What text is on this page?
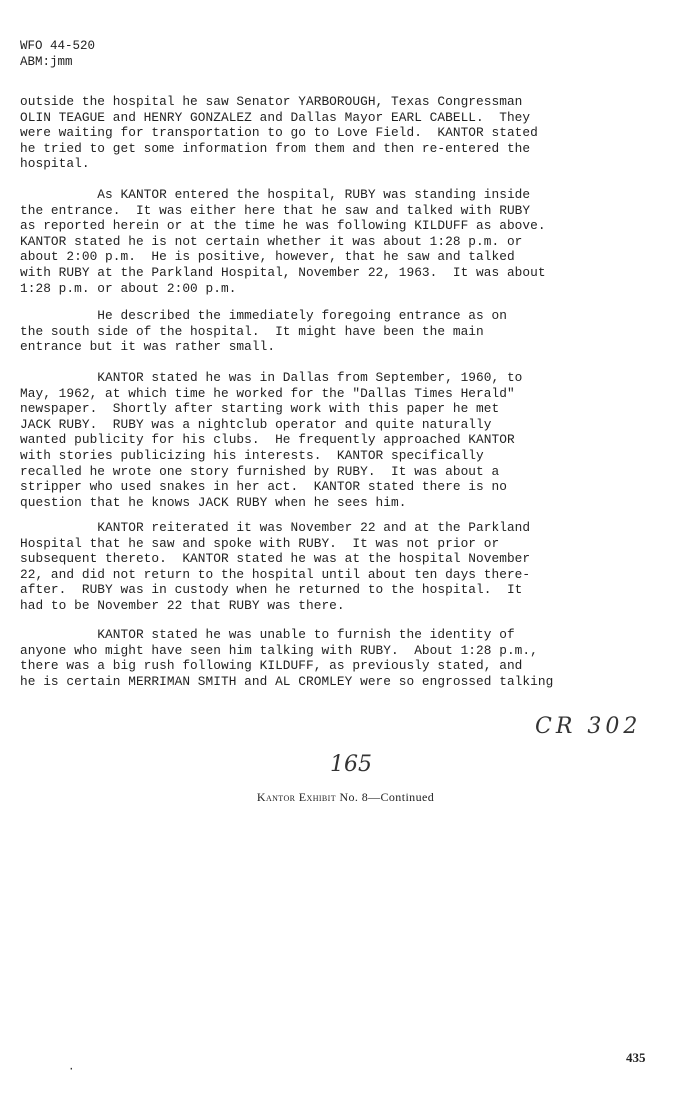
WFO 44-520
ABM:jmm
outside the hospital he saw Senator YARBOROUGH, Texas Congressman
OLIN TEAGUE and HENRY GONZALEZ and Dallas Mayor EARL CABELL.  They
were waiting for transportation to go to Love Field.  KANTOR stated
he tried to get some information from them and then re-entered the
hospital.
As KANTOR entered the hospital, RUBY was standing inside
the entrance.  It was either here that he saw and talked with RUBY
as reported herein or at the time he was following KILDUFF as above.
KANTOR stated he is not certain whether it was about 1:28 p.m. or
about 2:00 p.m.  He is positive, however, that he saw and talked
with RUBY at the Parkland Hospital, November 22, 1963.  It was about
1:28 p.m. or about 2:00 p.m.
He described the immediately foregoing entrance as on
the south side of the hospital.  It might have been the main
entrance but it was rather small.
KANTOR stated he was in Dallas from September, 1960, to
May, 1962, at which time he worked for the "Dallas Times Herald"
newspaper.  Shortly after starting work with this paper he met
JACK RUBY.  RUBY was a nightclub operator and quite naturally
wanted publicity for his clubs.  He frequently approached KANTOR
with stories publicizing his interests.  KANTOR specifically
recalled he wrote one story furnished by RUBY.  It was about a
stripper who used snakes in her act.  KANTOR stated there is no
question that he knows JACK RUBY when he sees him.
KANTOR reiterated it was November 22 and at the Parkland
Hospital that he saw and spoke with RUBY.  It was not prior or
subsequent thereto.  KANTOR stated he was at the hospital November
22, and did not return to the hospital until about ten days there-
after.  RUBY was in custody when he returned to the hospital.  It
had to be November 22 that RUBY was there.
KANTOR stated he was unable to furnish the identity of
anyone who might have seen him talking with RUBY.  About 1:28 p.m.,
there was a big rush following KILDUFF, as previously stated, and
he is certain MERRIMAN SMITH and AL CROMLEY were so engrossed talking
CR 302
165
Kantor Exhibit No. 8—Continued
435
·
